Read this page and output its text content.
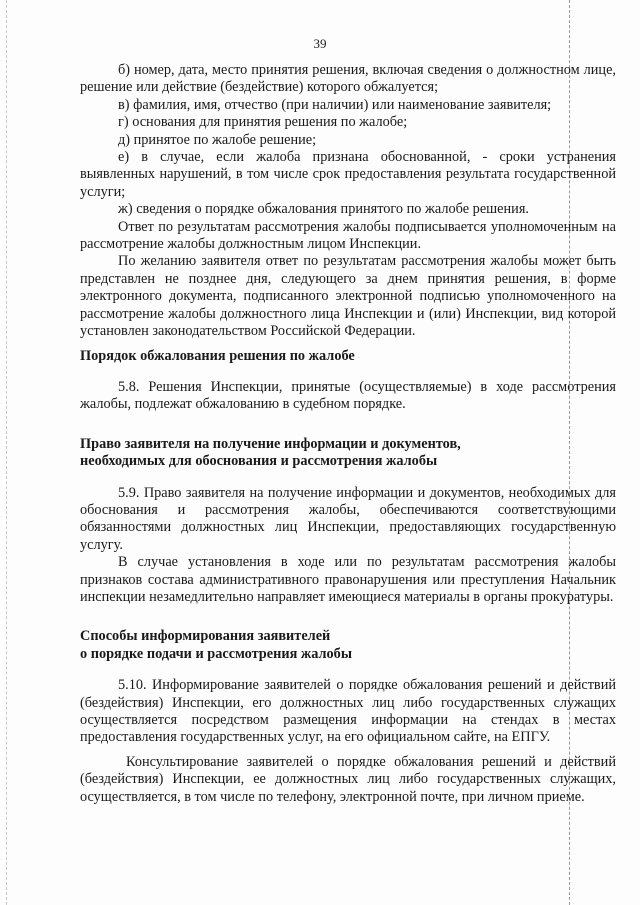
39

б) номер, дата, место принятия решения, включая сведения о должностном лице, решение или действие (бездействие) которого обжалуется;

в) фамилия, имя, отчество (при наличии) или наименование заявителя;

г) основания для принятия решения по жалобе;

д) принятое по жалобе решение;

е) в случае, если жалоба признана обоснованной, - сроки устранения выявленных нарушений, в том числе срок предоставления результата государственной услуги;

ж) сведения о порядке обжалования принятого по жалобе решения.

Ответ по результатам рассмотрения жалобы подписывается уполномоченным на рассмотрение жалобы должностным лицом Инспекции.

По желанию заявителя ответ по результатам рассмотрения жалобы может быть представлен не позднее дня, следующего за днем принятия решения, в форме электронного документа, подписанного электронной подписью уполномоченного на рассмотрение жалобы должностного лица Инспекции и (или) Инспекции, вид которой установлен законодательством Российской Федерации.

Порядок обжалования решения по жалобе

5.8. Решения Инспекции, принятые (осуществляемые) в ходе рассмотрения жалобы, подлежат обжалованию в судебном порядке.

Право заявителя на получение информации и документов,

необходимых для обоснования и рассмотрения жалобы

5.9. Право заявителя на получение информации и документов, необходимых для обоснования и рассмотрения жалобы, обеспечиваются соответствующими обязанностями должностных лиц Инспекции, предоставляющих государственную услугу.

В случае установления в ходе или по результатам рассмотрения жалобы признаков состава административного правонарушения или преступления Начальник инспекции незамедлительно направляет имеющиеся материалы в органы прокуратуры.

Способы информирования заявителей

о порядке подачи и рассмотрения жалобы

5.10. Информирование заявителей о порядке обжалования решений и действий (бездействия) Инспекции, его должностных лиц либо государственных служащих осуществляется посредством размещения информации на стендах в местах предоставления государственных услуг, на его официальном сайте, на ЕПГУ.

Консультирование заявителей о порядке обжалования решений и действий (бездействия) Инспекции, ее должностных лиц либо государственных служащих, осуществляется, в том числе по телефону, электронной почте, при личном приеме.
